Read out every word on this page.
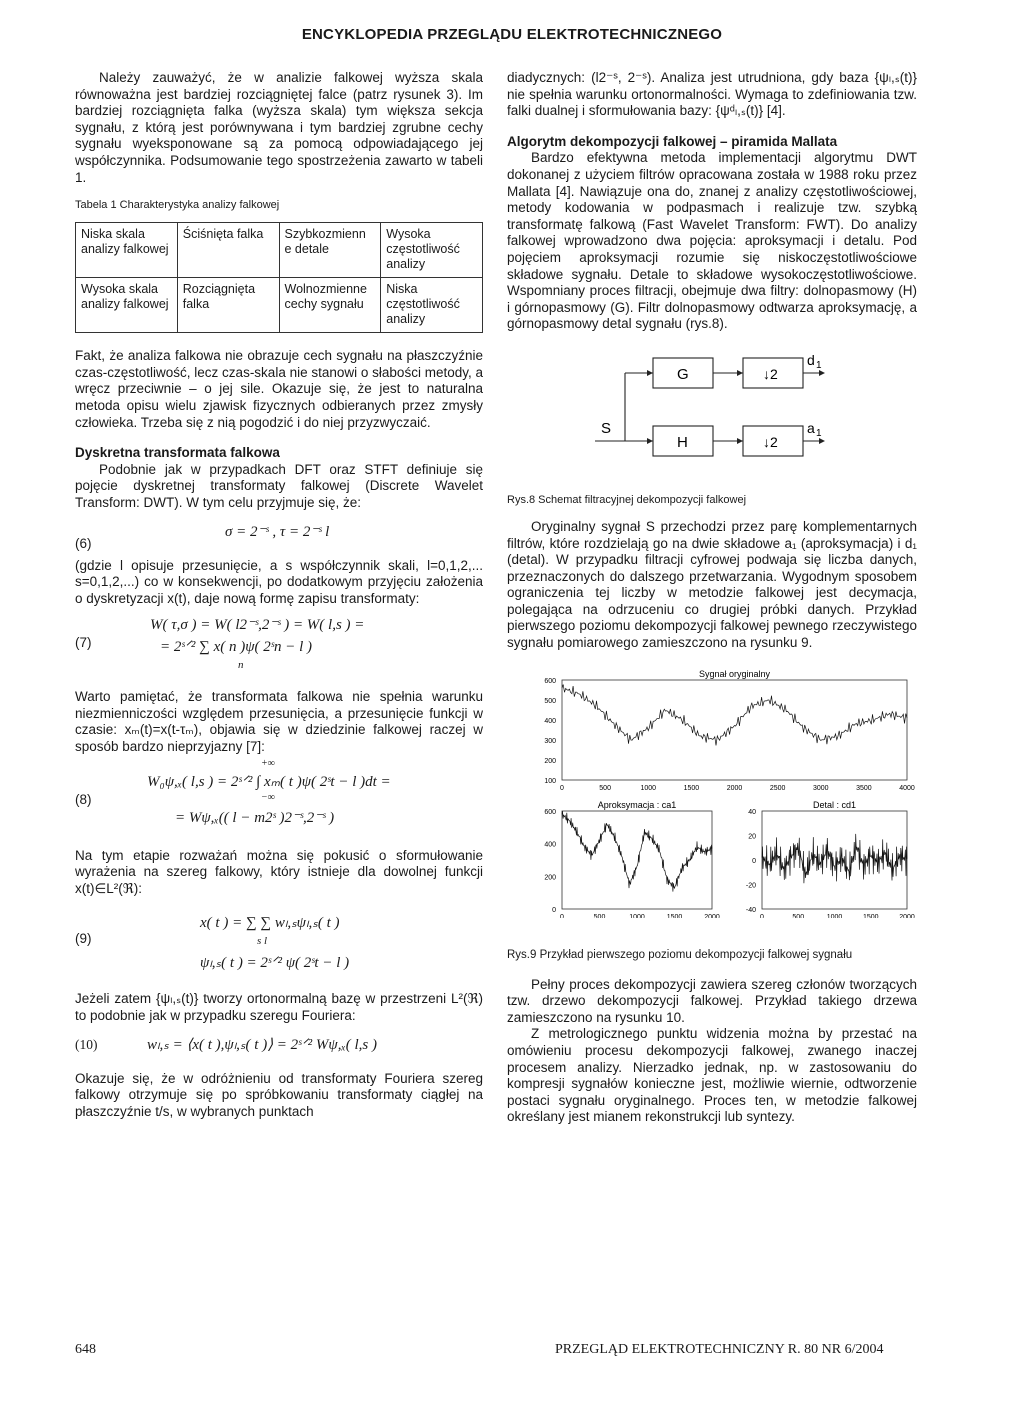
ENCYKLOPEDIA PRZEGLĄDU ELEKTROTECHNICZNEGO

Należy zauważyć, że w analizie falkowej wyższa skala równoważna jest bardziej rozciągniętej falce (patrz rysunek 3). Im bardziej rozciągnięta falka (wyższa skala) tym większa sekcja sygnału, z którą jest porównywana i tym bardziej zgrubne cechy sygnału wyeksponowane są za pomocą odpowiadającego jej współczynnika. Podsumowanie tego spostrzeżenia zawarto w tabeli 1.

Tabela 1 Charakterystyka analizy falkowej

Niska skala analizy falkowej	Ściśnięta falka	Szybkozmienn e detale	Wysoka częstotliwość analizy
Wysoka skala analizy falkowej	Rozciągnięta falka	Wolnozmienne cechy sygnału	Niska częstotliwość analizy

Fakt, że analiza falkowa nie obrazuje cech sygnału na płaszczyźnie czas-częstotliwość, lecz czas-skala nie stanowi o słabości metody, a wręcz przeciwnie – o jej sile. Okazuje się, że jest to naturalna metoda opisu wielu zjawisk fizycznych odbieranych przez zmysły człowieka. Trzeba się z nią pogodzić i do niej przyzwyczaić.

Dyskretna transformata falkowa

Podobnie jak w przypadkach DFT oraz STFT definiuje się pojęcie dyskretnej transformaty falkowej (Discrete Wavelet Transform: DWT). W tym celu przyjmuje się, że:

(6)
σ = 2⁻ˢ , τ = 2⁻ˢ l

(gdzie l opisuje przesunięcie, a s współczynnik skali, l=0,1,2,... s=0,1,2,...) co w konsekwencji, po dodatkowym przyjęciu założenia o dyskretyzacji x(t), daje nową formę zapisu transformaty:

(7)
W( τ,σ ) = W( l2⁻ˢ,2⁻ˢ ) = W( l,s ) =
= 2ˢᐟ² ∑ x( n )ψ( 2ˢn − l )
n

Warto pamiętać, że transformata falkowa nie spełnia warunku niezmienniczości względem przesunięcia, a przesunięcie funkcji w czasie: xₘ(t)=x(t-τₘ), objawia się w dziedzinie falkowej raczej w sposób bardzo nieprzyjazny [7]:

(8)
+∞
W₀ψ,ₓ( l,s ) = 2ˢᐟ² ∫ xₘ( t )ψ( 2ˢt − l )dt =
−∞
= Wψ,ₓ(( l − m2ˢ )2⁻ˢ,2⁻ˢ )

Na tym etapie rozważań można się pokusić o sformułowanie wyrażenia na szereg falkowy, który istnieje dla dowolnej funkcji x(t)∈L²(ℜ):

(9)
x( t ) = ∑ ∑ wₗ,ₛψₗ,ₛ( t )
s l
ψₗ,ₛ( t ) = 2ˢᐟ² ψ( 2ˢt − l )

Jeżeli zatem {ψₗ,ₛ(t)} tworzy ortonormalną bazę w przestrzeni L²(ℜ) to podobnie jak w przypadku szeregu Fouriera:

(10)	wₗ,ₛ = ⟨x( t ),ψₗ,ₛ( t )⟩ = 2ˢᐟ² Wψ,ₓ( l,s )

Okazuje się, że w odróżnieniu od transformaty Fouriera szereg falkowy otrzymuje się po spróbkowaniu transformaty ciągłej na płaszczyźnie t/s, w wybranych punktach

diadycznych: (l2⁻ˢ, 2⁻ˢ). Analiza jest utrudniona, gdy baza {ψₗ,ₛ(t)} nie spełnia warunku ortonormalności. Wymaga to zdefiniowania tzw. falki dualnej i sformułowania bazy: {ψᵈₗ,ₛ(t)} [4].

Algorytm dekompozycji falkowej – piramida Mallata

Bardzo efektywna metoda implementacji algorytmu DWT dokonanej z użyciem filtrów opracowana została w 1988 roku przez Mallata [4]. Nawiązuje ona do, znanej z analizy częstotliwościowej, metody kodowania w podpasmach i realizuje tzw. szybką transformatę falkową (Fast Wavelet Transform: FWT). Do analizy falkowej wprowadzono dwa pojęcia: aproksymacji i detalu. Pod pojęciem aproksymacji rozumie się niskoczęstotliwościowe składowe sygnału. Detale to składowe wysokoczęstotliwościowe. Wspomniany proces filtracji, obejmuje dwa filtry: dolnopasmowy (H) i górnopasmowy (G). Filtr dolnopasmowy odtwarza aproksymację, a górnopasmowy detal sygnału (rys.8).

S
G
H
↓2
↓2
d 1
a 1

Rys.8 Schemat filtracyjnej dekompozycji falkowej

Oryginalny sygnał S przechodzi przez parę komplementarnych filtrów, które rozdzielają go na dwie składowe a₁ (aproksymacja) i d₁ (detal). W przypadku filtracji cyfrowej podwaja się liczba danych, przeznaczonych do dalszego przetwarzania. Wygodnym sposobem ograniczenia tej liczby w metodzie falkowej jest decymacja, polegająca na odrzuceniu co drugiej próbki danych. Przykład pierwszego poziomu dekompozycji falkowej pewnego rzeczywistego sygnału pomiarowego zamieszczono na rysunku 9.

Sygnał oryginalny
0	500	1000	1500	2000	2500	3000	3500	4000
100
200
300
400
500
600
Aproksymacja : ca1
0	500	1000	1500	2000
0
200
400
600
Detal : cd1
0	500	1000	1500	2000
-40
-20
0
20
40

Rys.9 Przykład pierwszego poziomu dekompozycji falkowej sygnału

Pełny proces dekompozycji zawiera szereg członów tworzących tzw. drzewo dekompozycji falkowej. Przykład takiego drzewa zamieszczono na rysunku 10.

Z metrologicznego punktu widzenia można by przestać na omówieniu procesu dekompozycji falkowej, zwanego inaczej procesem analizy. Nierzadko jednak, np. w zastosowaniu do kompresji sygnałów konieczne jest, możliwie wiernie, odtworzenie postaci sygnału oryginalnego. Proces ten, w metodzie falkowej określany jest mianem rekonstrukcji lub syntezy.

648	PRZEGLĄD ELEKTROTECHNICZNY R. 80 NR 6/2004
